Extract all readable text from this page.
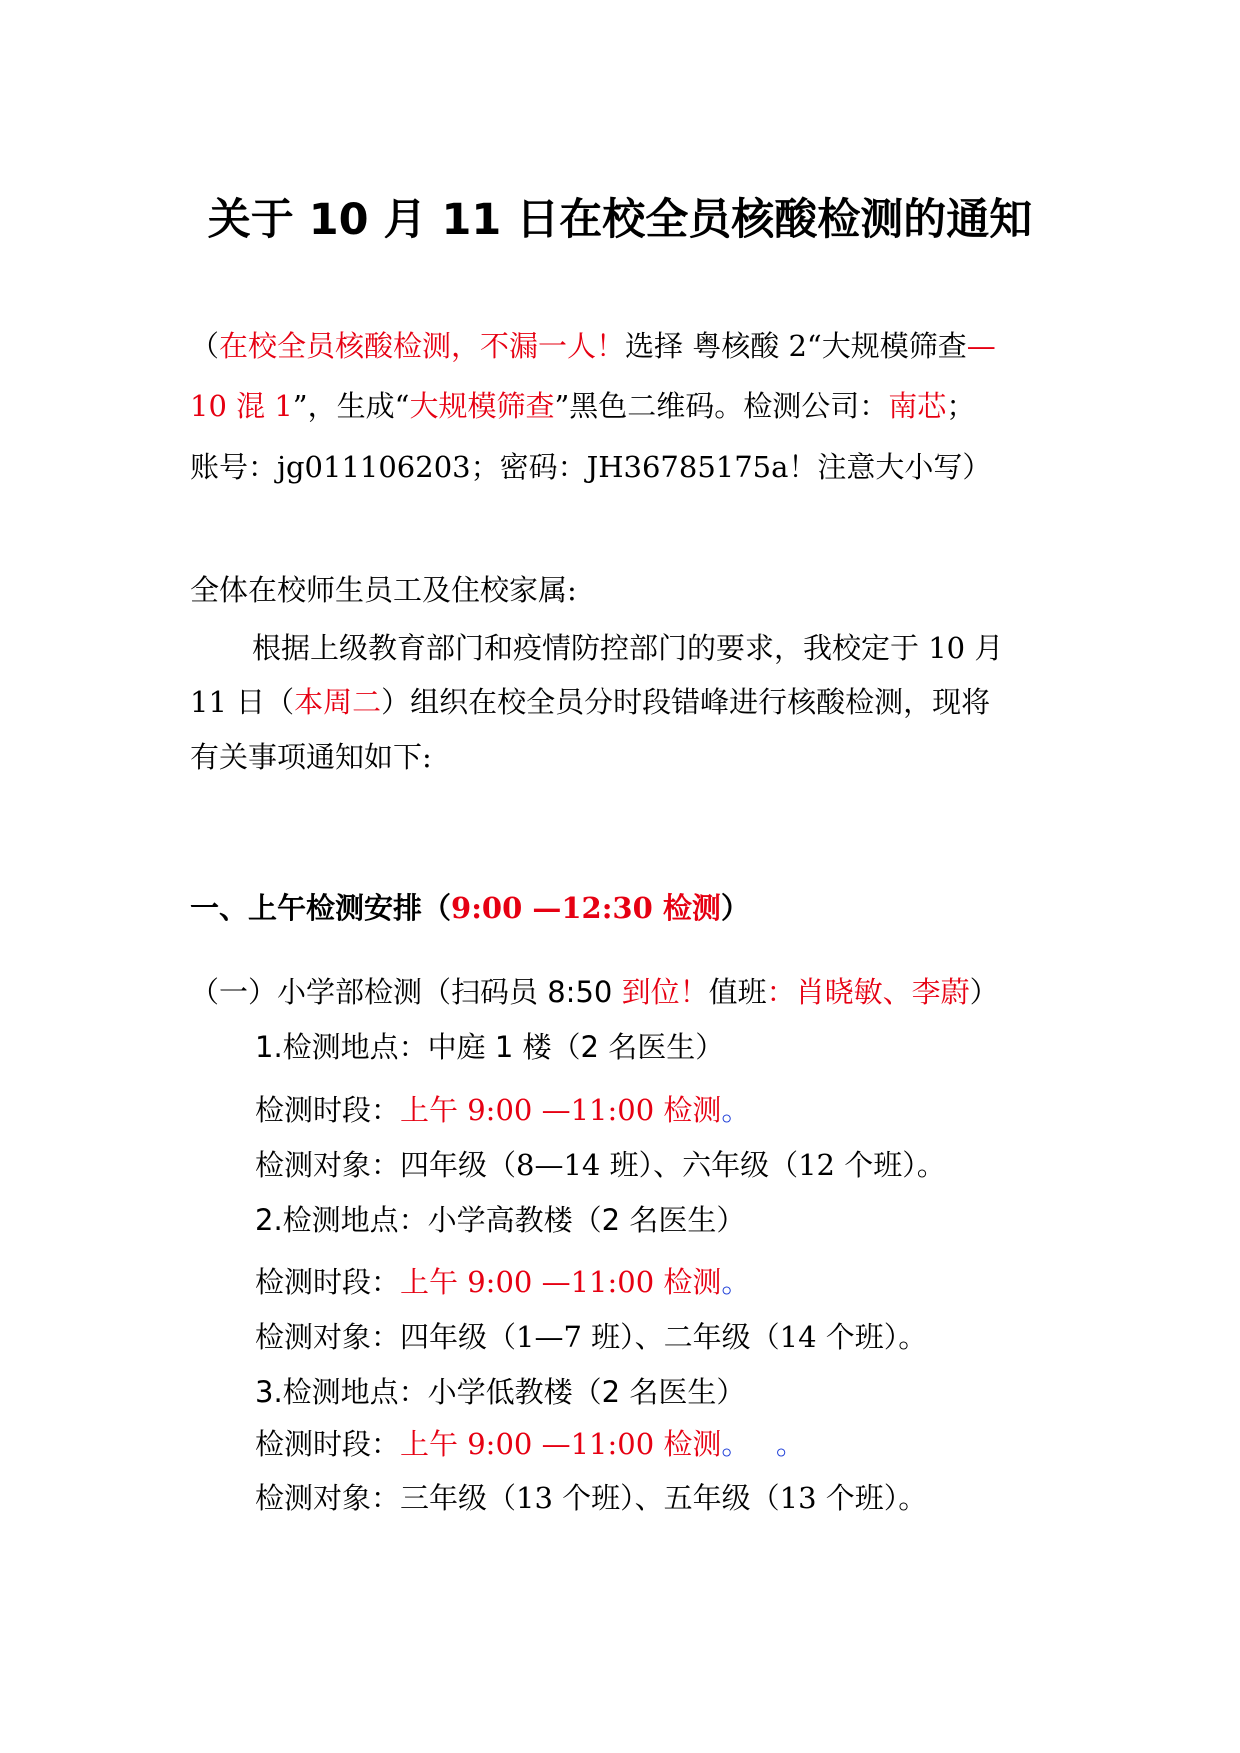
关于 10 月 11 日在校全员核酸检测的通知
（在校全员核酸检测，不漏一人！选择 粤核酸 2“大规模筛查—
10 混 1”，生成“大规模筛查”黑色二维码。检测公司：南芯；
账号：jg011106203；密码：JH36785175a！注意大小写）
全体在校师生员工及住校家属:
根据上级教育部门和疫情防控部门的要求，我校定于 10 月
11 日（本周二）组织在校全员分时段错峰进行核酸检测，现将
有关事项通知如下:
一、上午检测安排（9:00 —12:30 检测）
（一）小学部检测（扫码员 8:50 到位！值班：肖晓敏、李蔚）
1.检测地点：中庭 1 楼（2 名医生）
检测时段：上午 9:00 —11:00 检测。
检测对象：四年级（8—14 班）、六年级（12 个班）。
2.检测地点：小学高教楼（2 名医生）
检测时段：上午 9:00 —11:00 检测。
检测对象：四年级（1—7 班）、二年级（14 个班）。
3.检测地点：小学低教楼（2 名医生）
检测时段：上午 9:00 —11:00 检测。 。
检测对象：三年级（13 个班）、五年级（13 个班）。
